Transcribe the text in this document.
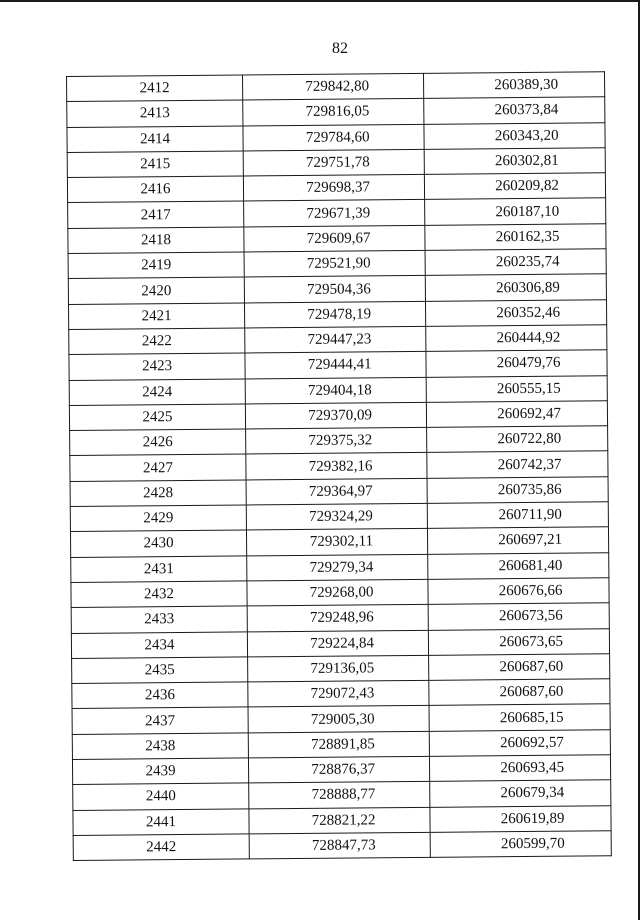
82
2412	729842,80	260389,30
2413	729816,05	260373,84
2414	729784,60	260343,20
2415	729751,78	260302,81
2416	729698,37	260209,82
2417	729671,39	260187,10
2418	729609,67	260162,35
2419	729521,90	260235,74
2420	729504,36	260306,89
2421	729478,19	260352,46
2422	729447,23	260444,92
2423	729444,41	260479,76
2424	729404,18	260555,15
2425	729370,09	260692,47
2426	729375,32	260722,80
2427	729382,16	260742,37
2428	729364,97	260735,86
2429	729324,29	260711,90
2430	729302,11	260697,21
2431	729279,34	260681,40
2432	729268,00	260676,66
2433	729248,96	260673,56
2434	729224,84	260673,65
2435	729136,05	260687,60
2436	729072,43	260687,60
2437	729005,30	260685,15
2438	728891,85	260692,57
2439	728876,37	260693,45
2440	728888,77	260679,34
2441	728821,22	260619,89
2442	728847,73	260599,70
